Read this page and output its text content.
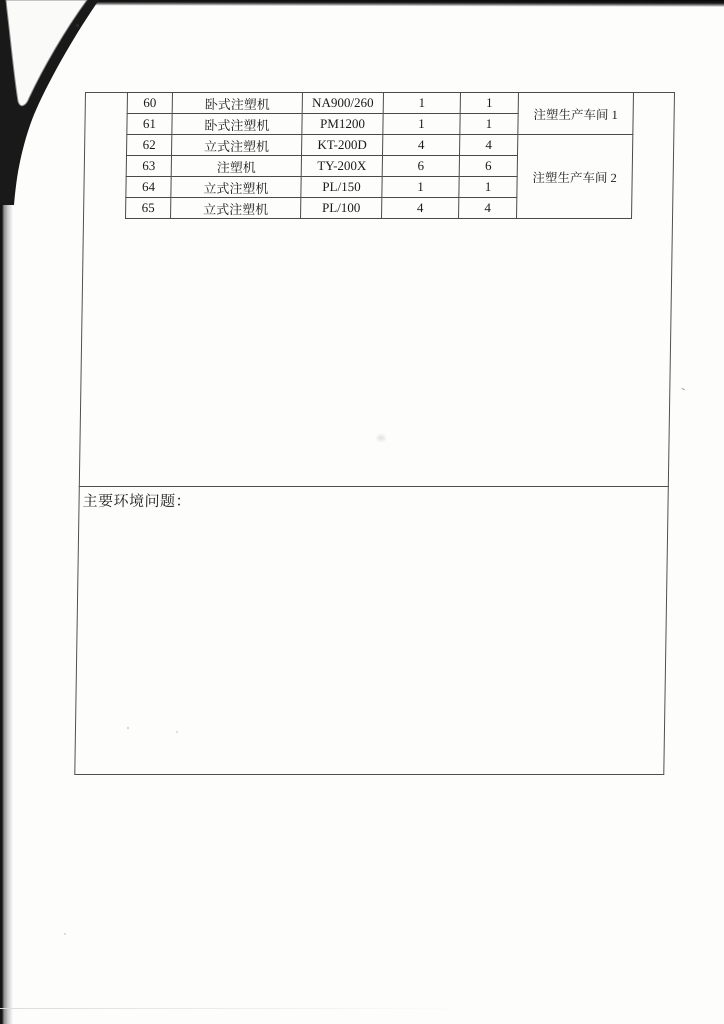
、
60	卧式注塑机	NA900/260	1	1	注塑生产车间 1
61	卧式注塑机	PM1200	1	1	
62	立式注塑机	KT-200D	4	4	注塑生产车间 2
63	注塑机	TY-200X	6	6	
64	立式注塑机	PL/150	1	1	
65	立式注塑机	PL/100	4	4	
主要环境问题：
